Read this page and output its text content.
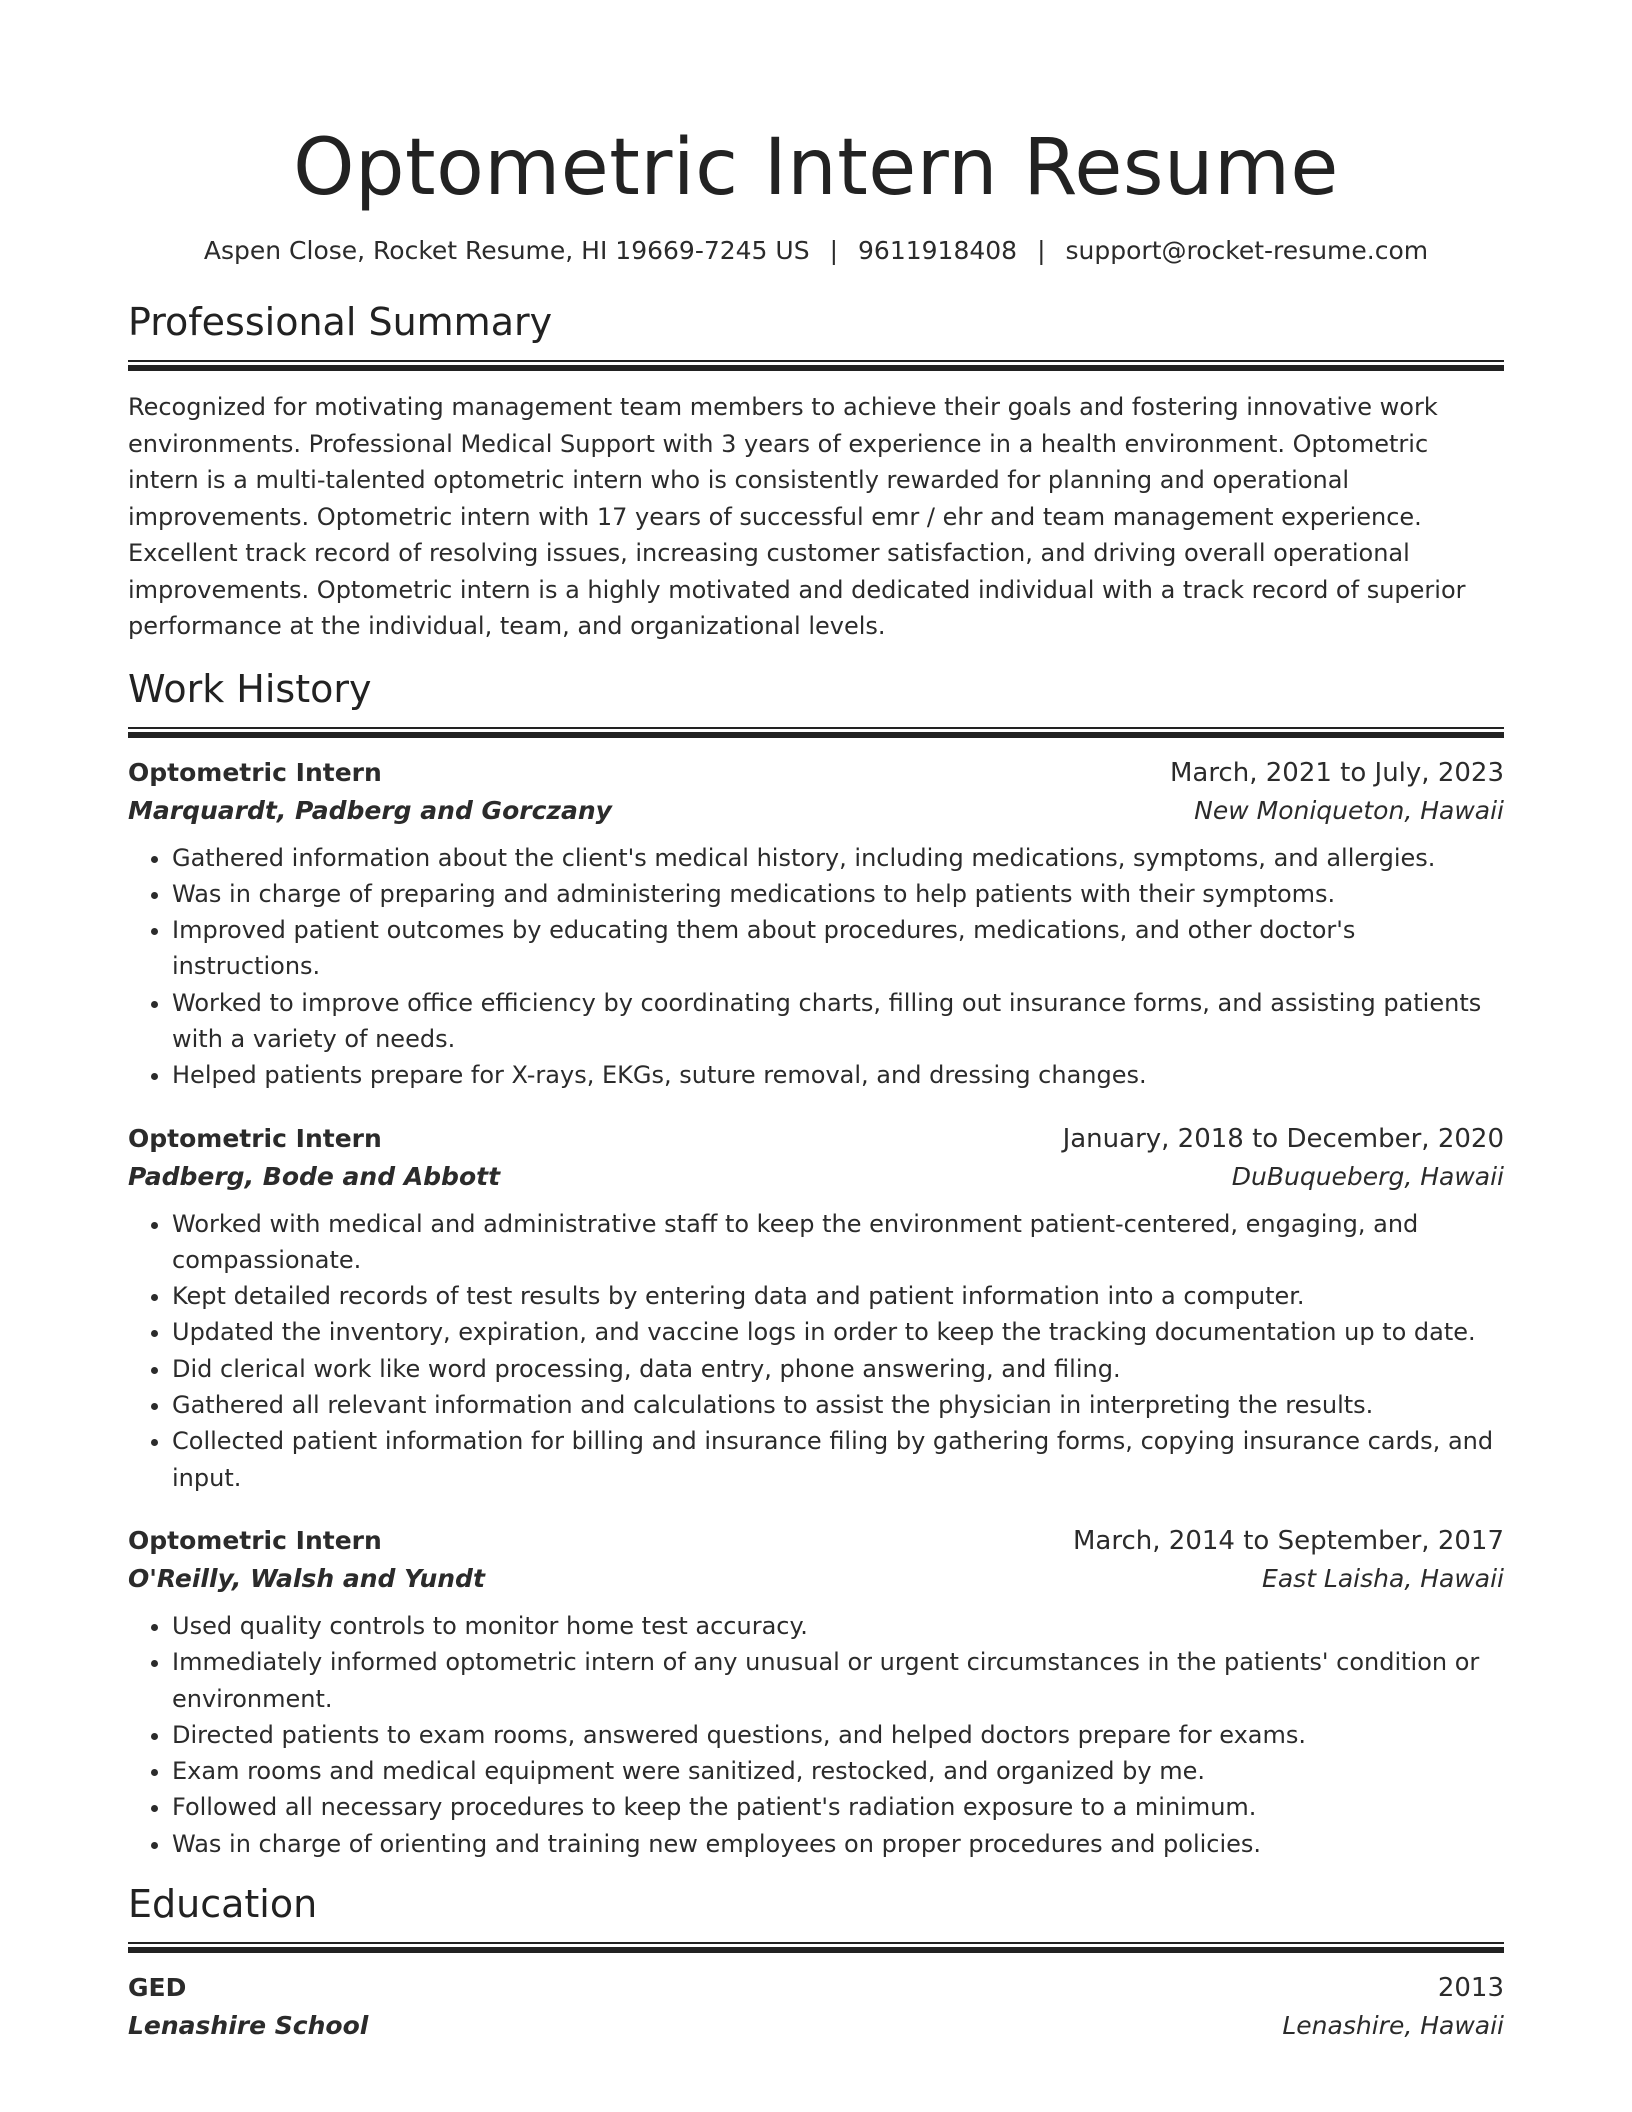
Optometric Intern Resume
Aspen Close, Rocket Resume, HI 19669-7245 US | 9611918408 | support@rocket-resume.com
Professional Summary

Recognized for motivating management team members to achieve their goals and fostering innovative work environments. Professional Medical Support with 3 years of experience in a health environment. Optometric intern is a multi-talented optometric intern who is consistently rewarded for planning and operational improvements. Optometric intern with 17 years of successful emr / ehr and team management experience. Excellent track record of resolving issues, increasing customer satisfaction, and driving overall operational improvements. Optometric intern is a highly motivated and dedicated individual with a track record of superior performance at the individual, team, and organizational levels.

Work History
Optometric Intern	March, 2021 to July, 2023
Marquardt, Padberg and Gorczany	New Moniqueton, Hawaii
• Gathered information about the client's medical history, including medications, symptoms, and allergies.
• Was in charge of preparing and administering medications to help patients with their symptoms.
• Improved patient outcomes by educating them about procedures, medications, and other doctor's instructions.
• Worked to improve office efficiency by coordinating charts, filling out insurance forms, and assisting patients with a variety of needs.
• Helped patients prepare for X-rays, EKGs, suture removal, and dressing changes.
Optometric Intern	January, 2018 to December, 2020
Padberg, Bode and Abbott	DuBuqueberg, Hawaii
• Worked with medical and administrative staff to keep the environment patient-centered, engaging, and compassionate.
• Kept detailed records of test results by entering data and patient information into a computer.
• Updated the inventory, expiration, and vaccine logs in order to keep the tracking documentation up to date.
• Did clerical work like word processing, data entry, phone answering, and filing.
• Gathered all relevant information and calculations to assist the physician in interpreting the results.
• Collected patient information for billing and insurance filing by gathering forms, copying insurance cards, and input.
Optometric Intern	March, 2014 to September, 2017
O'Reilly, Walsh and Yundt	East Laisha, Hawaii
• Used quality controls to monitor home test accuracy.
• Immediately informed optometric intern of any unusual or urgent circumstances in the patients' condition or environment.
• Directed patients to exam rooms, answered questions, and helped doctors prepare for exams.
• Exam rooms and medical equipment were sanitized, restocked, and organized by me.
• Followed all necessary procedures to keep the patient's radiation exposure to a minimum.
• Was in charge of orienting and training new employees on proper procedures and policies.
Education
GED	2013
Lenashire School	Lenashire, Hawaii
